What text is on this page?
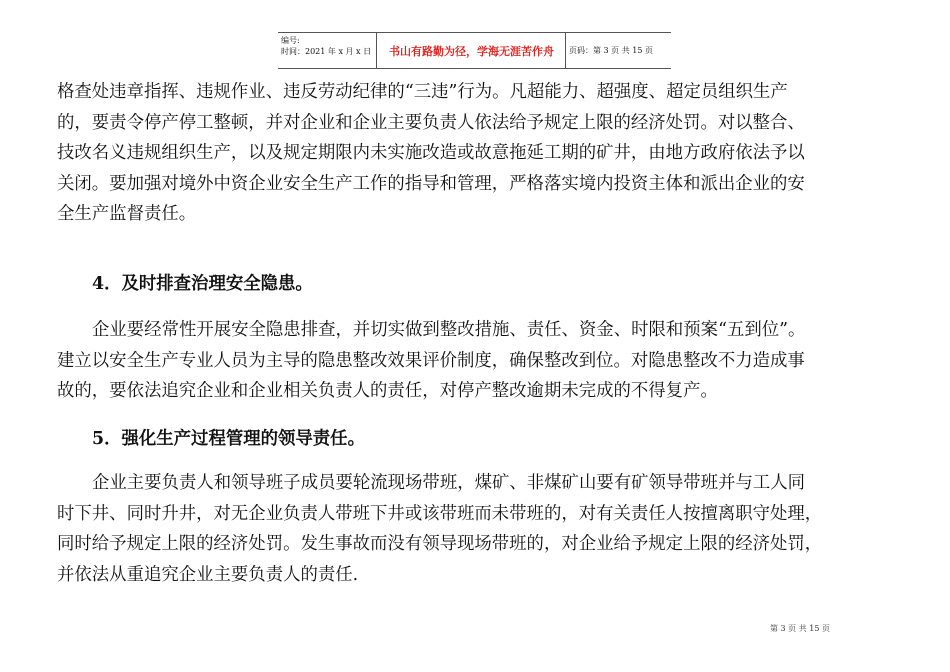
编号:
时间：2021 年 x 月 x 日	书山有路勤为径，学海无涯苦作舟	页码：第 3 页 共 15 页
格查处违章指挥、违规作业、违反劳动纪律的“三违”行为。凡超能力、超强度、超定员组织生产
的，要责令停产停工整顿，并对企业和企业主要负责人依法给予规定上限的经济处罚。对以整合、
技改名义违规组织生产，以及规定期限内未实施改造或故意拖延工期的矿井，由地方政府依法予以
关闭。要加强对境外中资企业安全生产工作的指导和管理，严格落实境内投资主体和派出企业的安
全生产监督责任。
4．及时排查治理安全隐患。
企业要经常性开展安全隐患排查，并切实做到整改措施、责任、资金、时限和预案“五到位”。
建立以安全生产专业人员为主导的隐患整改效果评价制度，确保整改到位。对隐患整改不力造成事
故的，要依法追究企业和企业相关负责人的责任，对停产整改逾期未完成的不得复产。
5．强化生产过程管理的领导责任。
企业主要负责人和领导班子成员要轮流现场带班，煤矿、非煤矿山要有矿领导带班并与工人同
时下井、同时升井，对无企业负责人带班下井或该带班而未带班的，对有关责任人按擅离职守处理，
同时给予规定上限的经济处罚。发生事故而没有领导现场带班的，对企业给予规定上限的经济处罚，
并依法从重追究企业主要负责人的责任.
第 3 页 共 15 页
